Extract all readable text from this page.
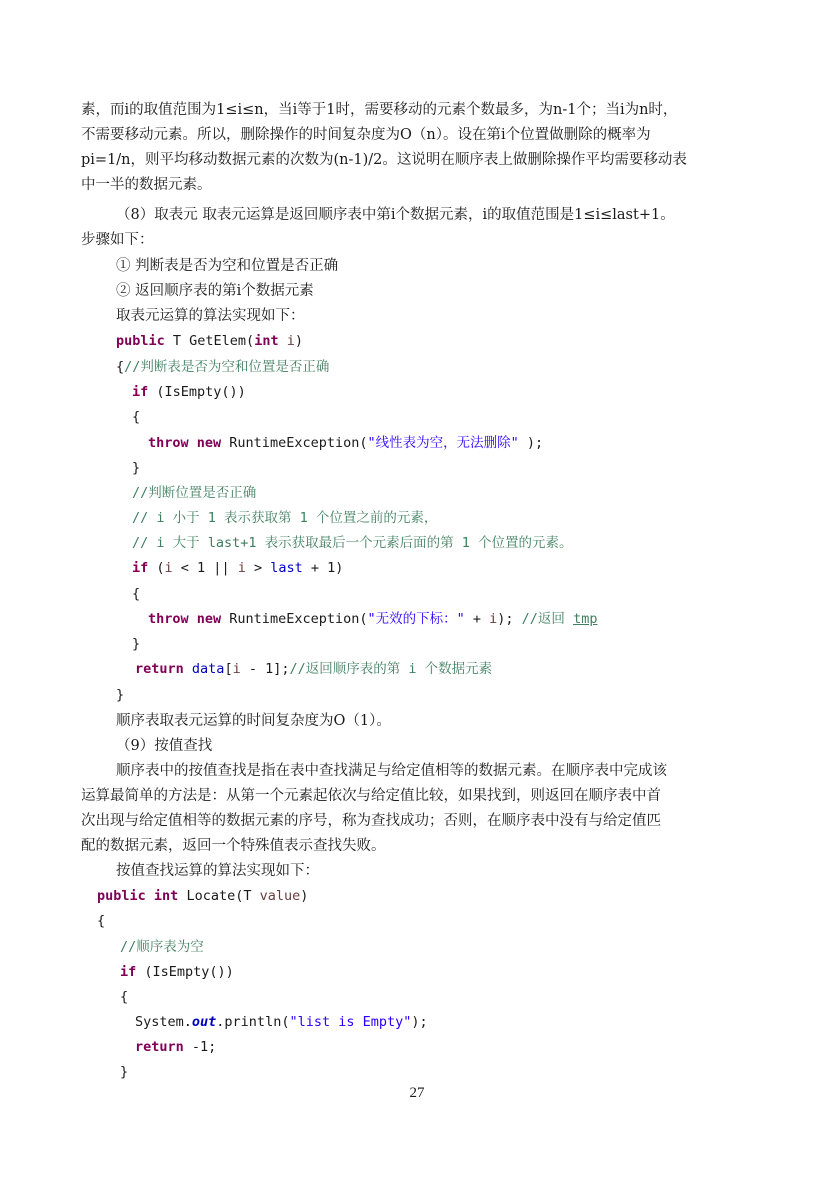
素，而i的取值范围为1≤i≤n，当i等于1时，需要移动的元素个数最多，为n-1个；当i为n时，
不需要移动元素。所以，删除操作的时间复杂度为O（n）。设在第i个位置做删除的概率为
pi=1/n，则平均移动数据元素的次数为(n-1)/2。这说明在顺序表上做删除操作平均需要移动表
中一半的数据元素。
（8）取表元 取表元运算是返回顺序表中第i个数据元素，i的取值范围是1≤i≤last+1。
步骤如下：
① 判断表是否为空和位置是否正确
② 返回顺序表的第i个数据元素
取表元运算的算法实现如下：
public T GetElem(int i)
{//判断表是否为空和位置是否正确
if (IsEmpty())
{
throw new RuntimeException("线性表为空，无法删除" );
}
//判断位置是否正确
// i 小于 1 表示获取第 1 个位置之前的元素，
// i 大于 last+1 表示获取最后一个元素后面的第 1 个位置的元素。
if (i < 1 || i > last + 1)
{
throw new RuntimeException("无效的下标：" + i); //返回 tmp
}
return data[i - 1];//返回顺序表的第 i 个数据元素
}
顺序表取表元运算的时间复杂度为O（1）。
（9）按值查找
顺序表中的按值查找是指在表中查找满足与给定值相等的数据元素。在顺序表中完成该
运算最简单的方法是：从第一个元素起依次与给定值比较，如果找到，则返回在顺序表中首
次出现与给定值相等的数据元素的序号，称为查找成功；否则，在顺序表中没有与给定值匹
配的数据元素，返回一个特殊值表示查找失败。
按值查找运算的算法实现如下：
public int Locate(T value)
{
//顺序表为空
if (IsEmpty())
{
System.out.println("list is Empty");
return -1;
}
27
